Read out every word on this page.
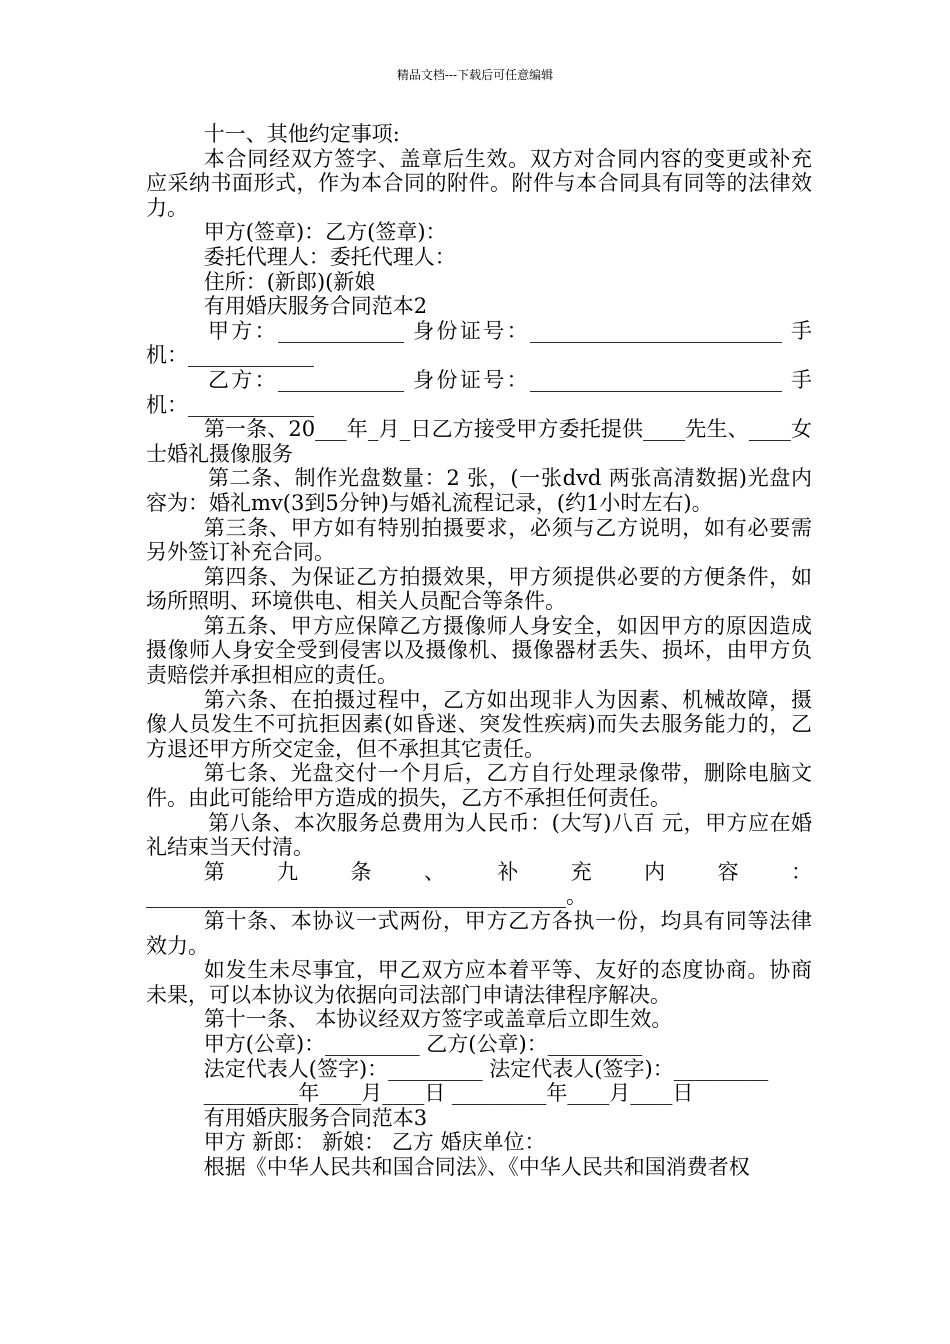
精品文档---下载后可任意编辑

十一、其他约定事项:

本合同经双方签字、盖章后生效。双方对合同内容的变更或补充应采纳书面形式，作为本合同的附件。附件与本合同具有同等的法律效力。

甲方(签章)：乙方(签章)：

委托代理人：委托代理人：

住所：(新郎)(新娘

有用婚庆服务合同范本2

甲方：____________ 身份证号：________________________ 手机：____________

乙方：____________ 身份证号：________________________ 手机：____________

第一条、20___年_月_日乙方接受甲方委托提供____先生、____女士婚礼摄像服务

第二条、制作光盘数量：2 张，(一张dvd 两张高清数据)光盘内容为：婚礼mv(3到5分钟)与婚礼流程记录，(约1小时左右)。

第三条、甲方如有特别拍摄要求，必须与乙方说明，如有必要需另外签订补充合同。

第四条、为保证乙方拍摄效果，甲方须提供必要的方便条件，如场所照明、环境供电、相关人员配合等条件。

第五条、甲方应保障乙方摄像师人身安全，如因甲方的原因造成摄像师人身安全受到侵害以及摄像机、摄像器材丢失、损坏，由甲方负责赔偿并承担相应的责任。

第六条、在拍摄过程中，乙方如出现非人为因素、机械故障，摄像人员发生不可抗拒因素(如昏迷、突发性疾病)而失去服务能力的，乙方退还甲方所交定金，但不承担其它责任。

第七条、光盘交付一个月后，乙方自行处理录像带，删除电脑文件。由此可能给甲方造成的损失，乙方不承担任何责任。

第八条、本次服务总费用为人民币：(大写)八百 元，甲方应在婚礼结束当天付清。

第九条、补充内容：________________________________________。

第十条、本协议一式两份，甲方乙方各执一份，均具有同等法律效力。

如发生未尽事宜，甲乙双方应本着平等、友好的态度协商。协商未果，可以本协议为依据向司法部门申请法律程序解决。

第十一条、 本协议经双方签字或盖章后立即生效。

甲方(公章)：_________ 乙方(公章)：_________

法定代表人(签字)：_________ 法定代表人(签字)：_________

_________年____月____日 _________年____月____日

有用婚庆服务合同范本3

甲方 新郎： 新娘： 乙方 婚庆单位：

根据《中华人民共和国合同法》、《中华人民共和国消费者权
